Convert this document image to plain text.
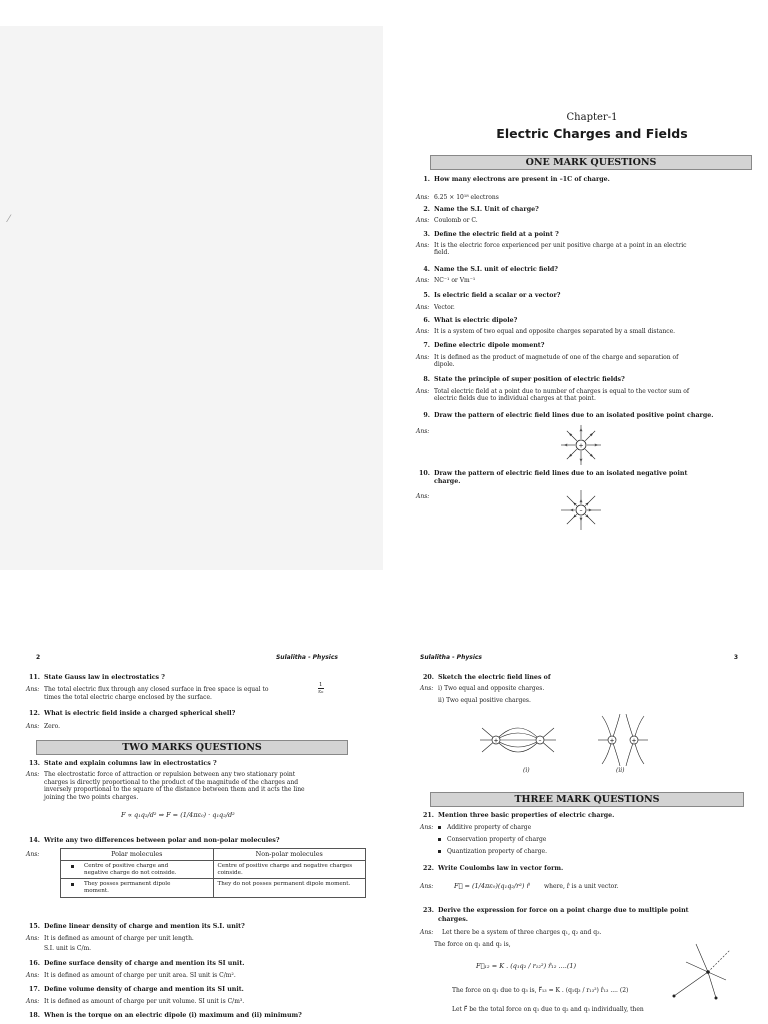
⁄
Chapter-1
Electric Charges and Fields
ONE MARK QUESTIONS
1. How many electrons are present in –1C of charge.
Ans: 6.25 × 10¹⁸ electrons
2. Name the S.I. Unit of charge?
Ans: Coulomb or C.
3. Define the electric field at a point ?
Ans: It is the electric force experienced per unit positive charge at a point in an electric
field.
4. Name the S.I. unit of electric field?
Ans: NC⁻¹ or Vm⁻¹
5. Is electric field a scalar or a vector?
Ans: Vector.
6. What is electric dipole?
Ans: It is a system of two equal and opposite charges separated by a small distance.
7. Define electric dipole moment?
Ans: It is defined as the product of magnetude of one of the charge and separation of
dipole.
8. State the principle of super position of electric fields?
Ans: Total electric field at a point due to number of charges is equal to the vector sum of
electric fields due to individual charges at that point.
9. Draw the pattern of electric field lines due to an isolated positive point charge.
Ans:
10. Draw the pattern of electric field lines due to an isolated negative point
charge.
Ans:
+
–
2	Sulalitha - Physics
11. State Gauss law in electrostatics ?
Ans: The total electric flux through any closed surface in free space is equal to
times the total electric charge enclosed by the surface.
$\frac{1}{\text{ε₀}}$
12. What is electric field inside a charged spherical shell?
Ans: Zero.
TWO MARKS QUESTIONS
13. State and explain columns law in electrostatics ?
Ans: The electrostatic force of attraction or repulsion between any two stationary point
charges is directly proportional to the product of the magnitude of the charges and
inversely proportional to the square of the distance between them and it acts the line
joining the two points charges.
F ∝ q₁q₂/d² ⇒ F = (1/4πε₀) · q₁q₂/d²
14. Write any two differences between polar and non-polar molecules?
Ans:	Polar molecules	Non-polar molecules
Centre of positive charge and negative charge do not coinside.	Centre of positive charge and negative charges coinside.
They posses permanent dipole moment.	They do not posses permanent dipole moment.
15. Define linear density of charge and mention its S.I. unit?
Ans: It is defined as amount of charge per unit length.
S.I. unit is C/m.
16. Define surface density of charge and mention its SI unit.
Ans: It is defined as amount of charge per unit area. SI unit is C/m².
17. Define volume density of charge and mention its SI unit.
Ans: It is defined as amount of charge per unit volume. SI unit is C/m³.
18. When is the torque on an electric dipole (i) maximum and (ii) minimum?
Sulalitha - Physics	3
20. Sketch the electric field lines of
Ans: i) Two equal and opposite charges.
ii) Two equal positive charges.
+	–	+	+
(i)	(ii)
THREE MARK QUESTIONS
21. Mention three basic properties of electric charge.
Ans:	Additive property of charge
Conservation property of charge
Quantization property of charge.
22. Write Coulombs law in vector form.
Ans:	F⃗ = (1/4πε₀)(q₁q₂/r²) r̂ where, r̂ is a unit vector.
23. Derive the expression for force on a point charge due to multiple point
charges.
Ans: Let there be a system of three charges q₁, q₂ and q₃.
The force on q₁ and q₂ is,
F⃗₁₂ = K . (q₁q₂ / r₁₂²) r̂₁₂ ....(1)
The force on q₁ due to q₃ is, F⃗₁₃ = K . (q₁q₃ / r₁₃²) r̂₁₃ .... (2)
Let F⃗ be the total force on q₁ due to q₂ and q₃ individually, then
